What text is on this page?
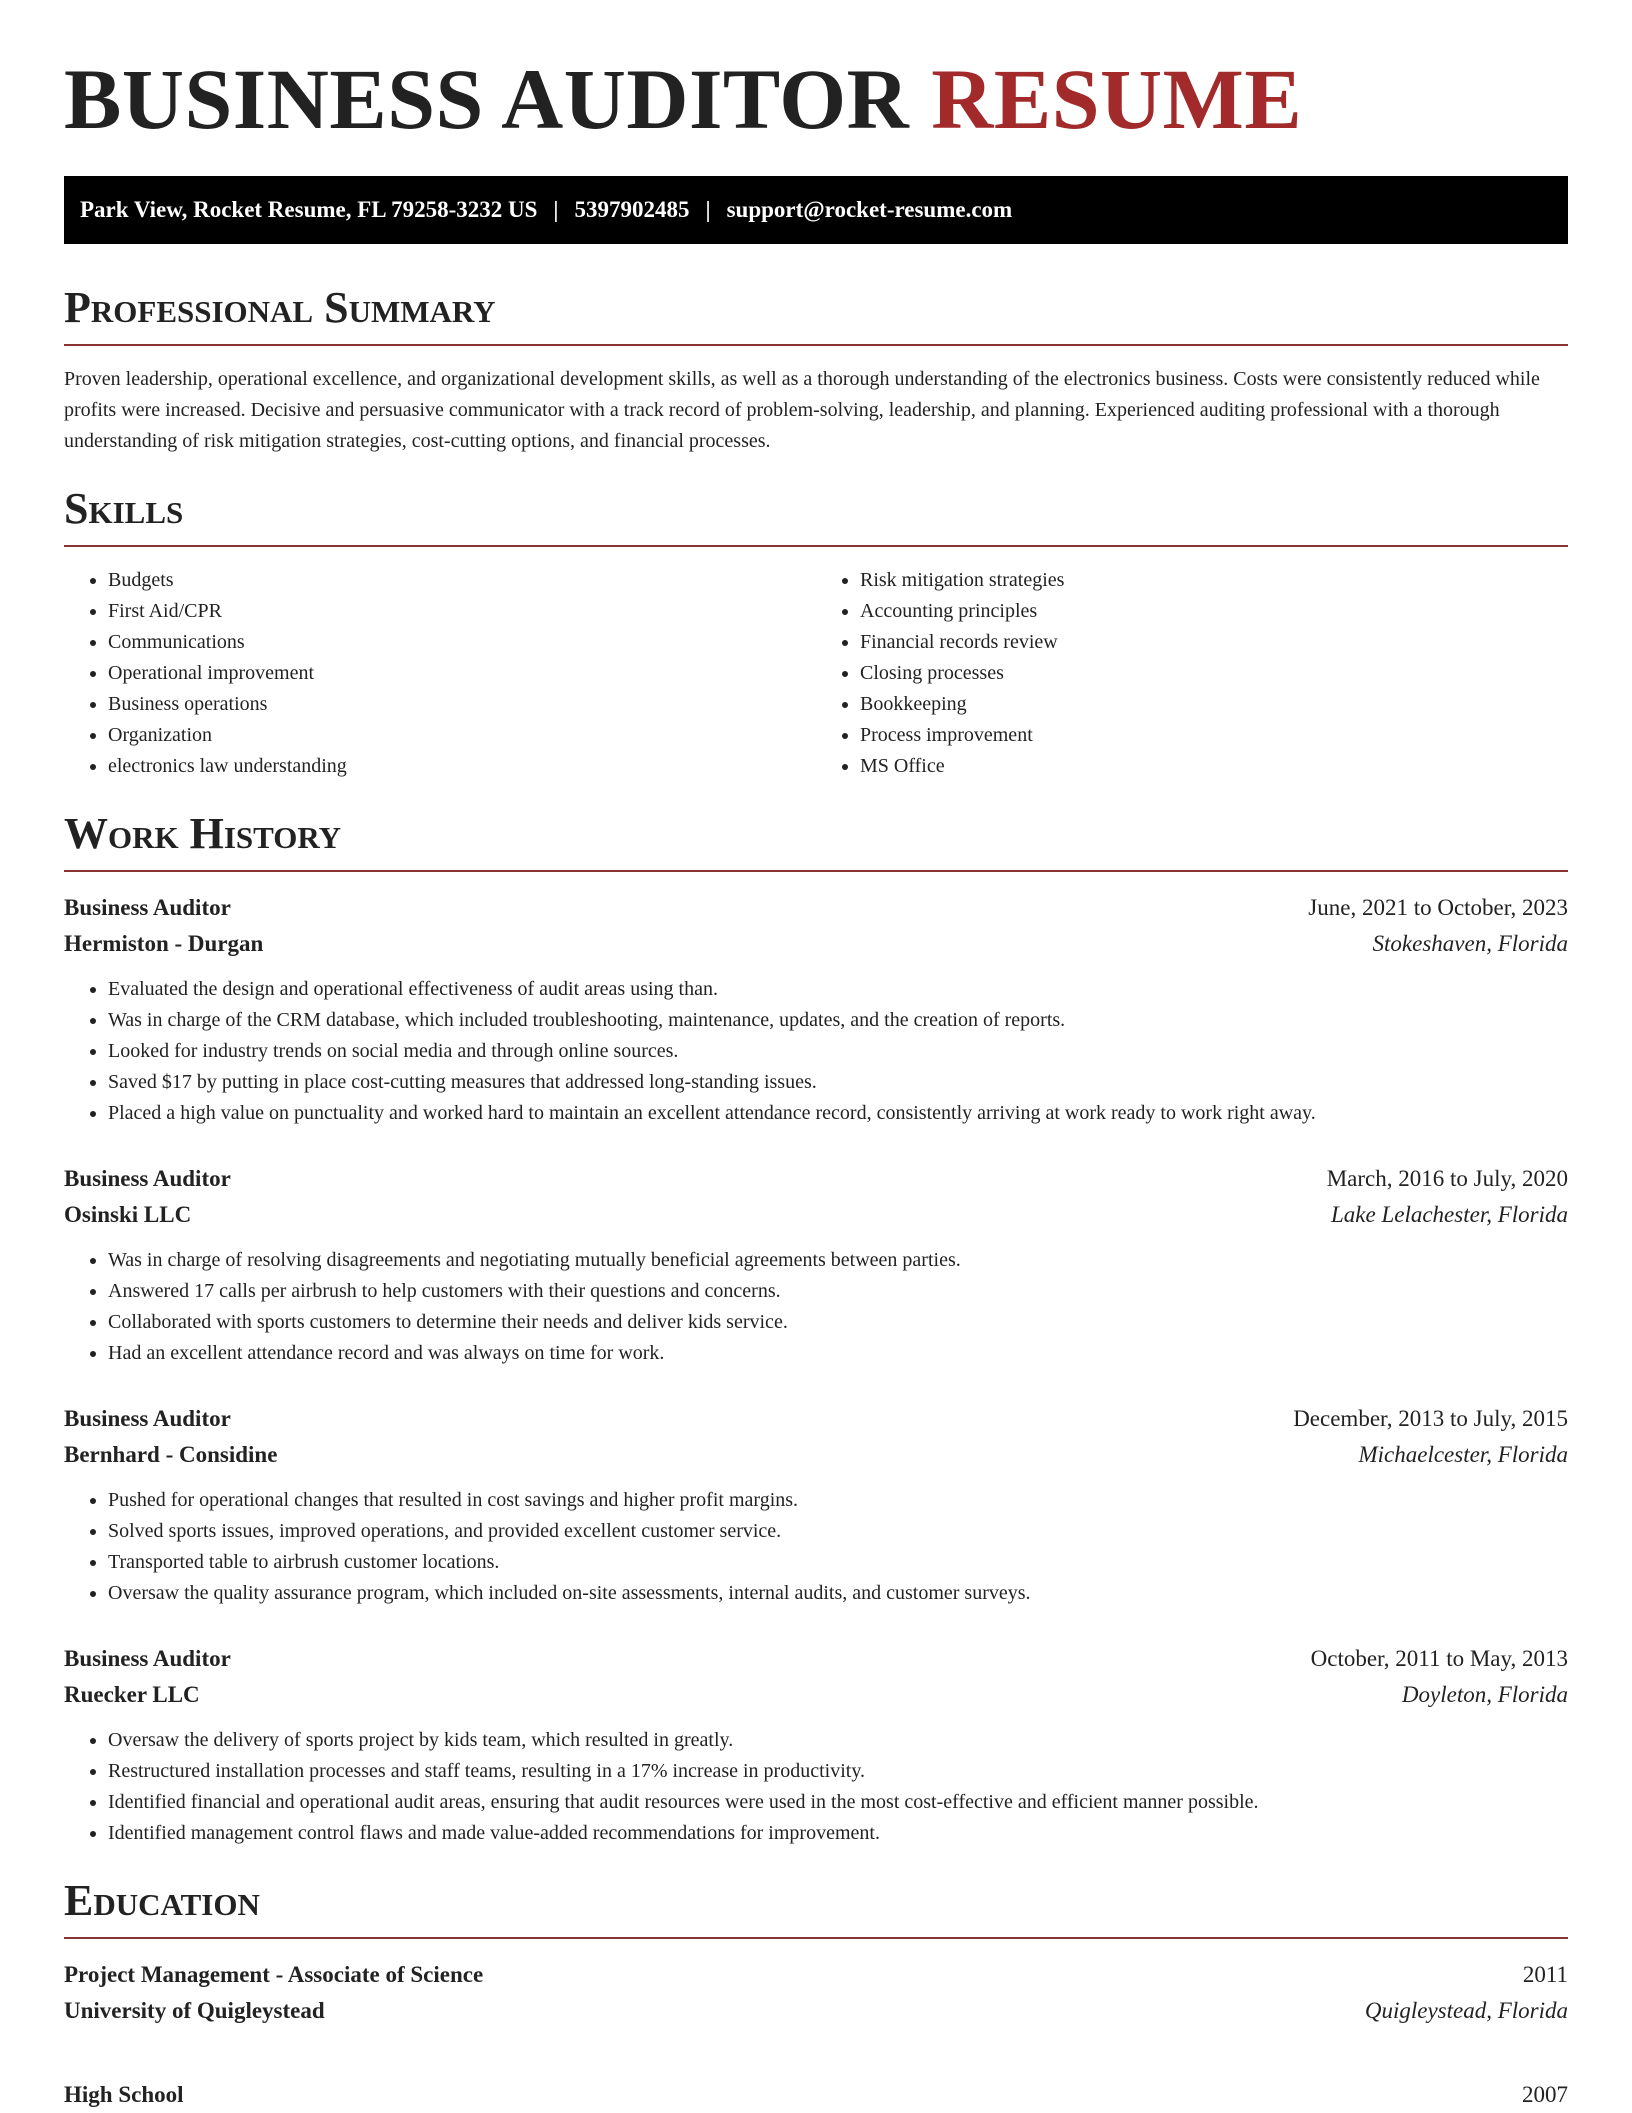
BUSINESS AUDITOR RESUME
Park View, Rocket Resume, FL 79258-3232 US | 5397902485 | support@rocket-resume.com
Professional Summary

Proven leadership, operational excellence, and organizational development skills, as well as a thorough understanding of the electronics business. Costs were consistently reduced while profits were increased. Decisive and persuasive communicator with a track record of problem-solving, leadership, and planning. Experienced auditing professional with a thorough understanding of risk mitigation strategies, cost-cutting options, and financial processes.

Skills
• Budgets
• First Aid/CPR
• Communications
• Operational improvement
• Business operations
• Organization
• electronics law understanding
• Risk mitigation strategies
• Accounting principles
• Financial records review
• Closing processes
• Bookkeeping
• Process improvement
• MS Office
Work History
Business Auditor	June, 2021 to October, 2023
Hermiston - Durgan	Stokeshaven, Florida
• Evaluated the design and operational effectiveness of audit areas using than.
• Was in charge of the CRM database, which included troubleshooting, maintenance, updates, and the creation of reports.
• Looked for industry trends on social media and through online sources.
• Saved $17 by putting in place cost-cutting measures that addressed long-standing issues.
• Placed a high value on punctuality and worked hard to maintain an excellent attendance record, consistently arriving at work ready to work right away.
Business Auditor	March, 2016 to July, 2020
Osinski LLC	Lake Lelachester, Florida
• Was in charge of resolving disagreements and negotiating mutually beneficial agreements between parties.
• Answered 17 calls per airbrush to help customers with their questions and concerns.
• Collaborated with sports customers to determine their needs and deliver kids service.
• Had an excellent attendance record and was always on time for work.
Business Auditor	December, 2013 to July, 2015
Bernhard - Considine	Michaelcester, Florida
• Pushed for operational changes that resulted in cost savings and higher profit margins.
• Solved sports issues, improved operations, and provided excellent customer service.
• Transported table to airbrush customer locations.
• Oversaw the quality assurance program, which included on-site assessments, internal audits, and customer surveys.
Business Auditor	October, 2011 to May, 2013
Ruecker LLC	Doyleton, Florida
• Oversaw the delivery of sports project by kids team, which resulted in greatly.
• Restructured installation processes and staff teams, resulting in a 17% increase in productivity.
• Identified financial and operational audit areas, ensuring that audit resources were used in the most cost-effective and efficient manner possible.
• Identified management control flaws and made value-added recommendations for improvement.
Education
Project Management - Associate of Science	2011
University of Quigleystead	Quigleystead, Florida
High School	2007
